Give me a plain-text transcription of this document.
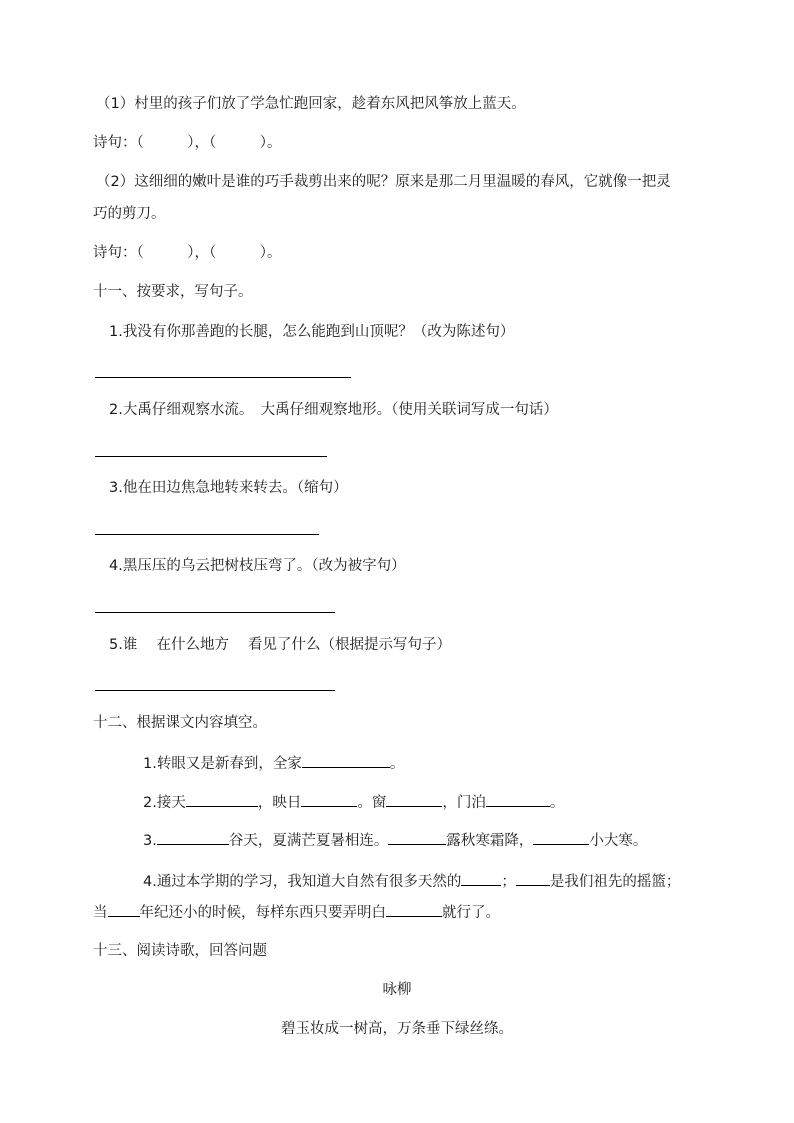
（1）村里的孩子们放了学急忙跑回家，趁着东风把风筝放上蓝天。
诗句：（　　　），（　　　）。
（2）这细细的嫩叶是谁的巧手裁剪出来的呢？原来是那二月里温暖的春风，它就像一把灵
巧的剪刀。
诗句：（　　　），（　　　）。
十一、按要求，写句子。
1.我没有你那善跑的长腿，怎么能跑到山顶呢？（改为陈述句）
2.大禹仔细观察水流。　大禹仔细观察地形。（使用关联词写成一句话）
3.他在田边焦急地转来转去。（缩句）
4.黑压压的乌云把树枝压弯了。（改为被字句）
5.谁　 在什么地方　 看见了什么（根据提示写句子）
十二、根据课文内容填空。
1.转眼又是新春到，全家	。
2.接天	，映日	。窗	，门泊	。
3.	谷天，夏满芒夏暑相连。	露秋寒霜降，	小大寒。
4.通过本学期的学习，我知道大自然有很多天然的	； 是我们祖先的摇篮；
当 年纪还小的时候，每样东西只要弄明白	就行了。
十三、阅读诗歌，回答问题
咏柳
碧玉妆成一树高，万条垂下绿丝绦。
